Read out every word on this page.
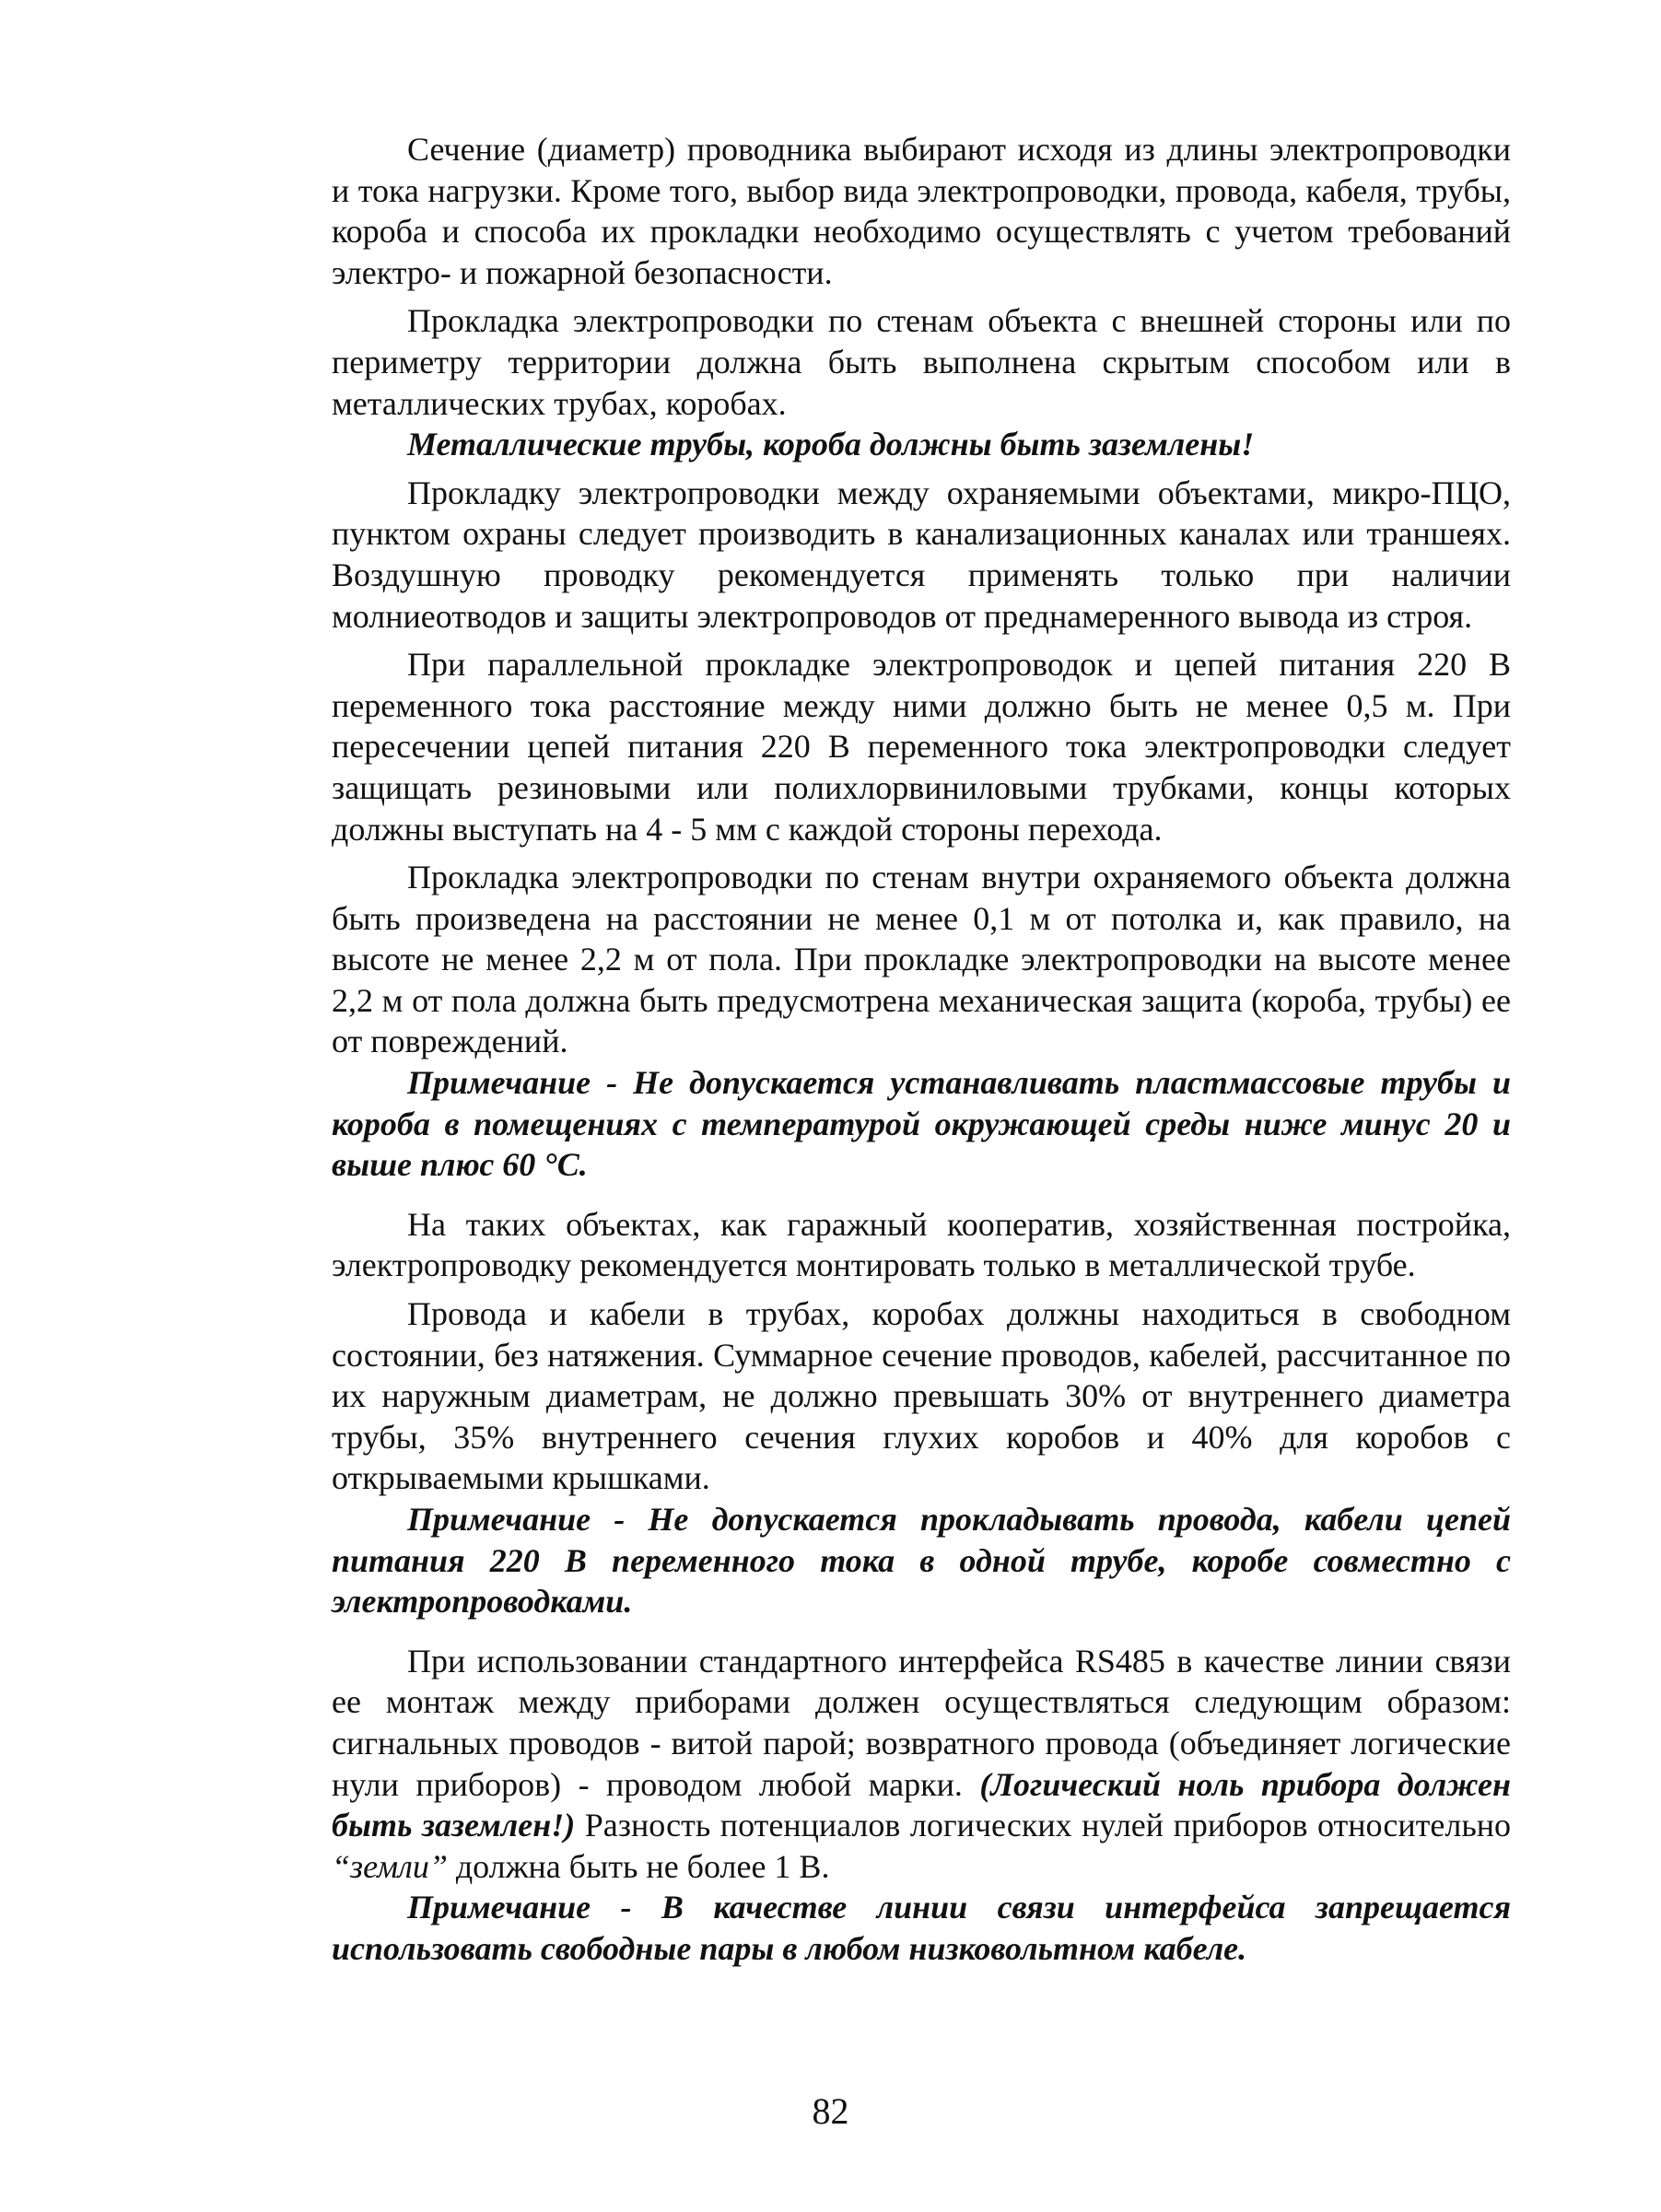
Сечение (диаметр) проводника выбирают исходя из длины электропроводки и тока нагрузки. Кроме того, выбор вида электропроводки, провода, кабеля, трубы, короба и способа их прокладки необходимо осуществлять с учетом требований электро- и пожарной безопасности.

Прокладка электропроводки по стенам объекта с внешней стороны или по периметру территории должна быть выполнена скрытым способом или в металлических трубах, коробах.

Металлические трубы, короба должны быть заземлены!

Прокладку электропроводки между охраняемыми объектами, микро-ПЦО, пунктом охраны следует производить в канализационных каналах или траншеях. Воздушную проводку рекомендуется применять только при наличии молниеотводов и защиты электропроводов от преднамеренного вывода из строя.

При параллельной прокладке электропроводок и цепей питания 220 В переменного тока расстояние между ними должно быть не менее 0,5 м. При пересечении цепей питания 220 В переменного тока электропроводки следует защищать резиновыми или полихлорвиниловыми трубками, концы которых должны выступать на 4 - 5 мм с каждой стороны перехода.

Прокладка электропроводки по стенам внутри охраняемого объекта должна быть произведена на расстоянии не менее 0,1 м от потолка и, как правило, на высоте не менее 2,2 м от пола. При прокладке электропроводки на высоте менее 2,2 м от пола должна быть предусмотрена механическая защита (короба, трубы) ее от повреждений.

Примечание - Не допускается устанавливать пластмассовые трубы и короба в помещениях с температурой окружающей среды ниже минус 20 и выше плюс 60 °С.

На таких объектах, как гаражный кооператив, хозяйственная постройка, электропроводку рекомендуется монтировать только в металлической трубе.

Провода и кабели в трубах, коробах должны находиться в свободном состоянии, без натяжения. Суммарное сечение проводов, кабелей, рассчитанное по их наружным диаметрам, не должно превышать 30% от внутреннего диаметра трубы, 35% внутреннего сечения глухих коробов и 40% для коробов с открываемыми крышками.

Примечание - Не допускается прокладывать провода, кабели цепей питания 220 В переменного тока в одной трубе, коробе совместно с электропроводками.

При использовании стандартного интерфейса RS485 в качестве линии связи ее монтаж между приборами должен осуществляться следующим образом: сигнальных проводов - витой парой; возвратного провода (объединяет логические нули приборов) - проводом любой марки. (Логический ноль прибора должен быть заземлен!) Разность потенциалов логических нулей приборов относительно “земли” должна быть не более 1 В.

Примечание - В качестве линии связи интерфейса запрещается использовать свободные пары в любом низковольтном кабеле.

82
